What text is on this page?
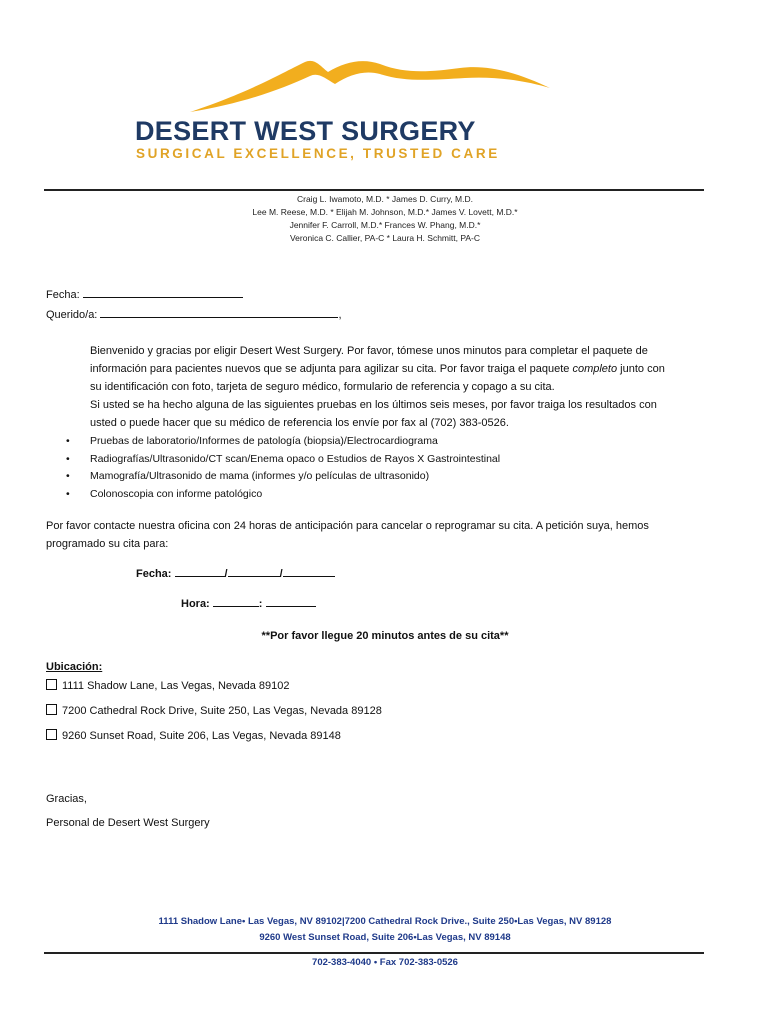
DESERT WEST SURGERY
SURGICAL EXCELLENCE, TRUSTED CARE
Craig L. Iwamoto, M.D. * James D. Curry, M.D.
Lee M. Reese, M.D. * Elijah M. Johnson, M.D.* James V. Lovett, M.D.*
Jennifer F. Carroll, M.D.* Frances W. Phang, M.D.*
Veronica C. Callier, PA-C * Laura H. Schmitt, PA-C
Fecha:
Querido/a:	,
Bienvenido y gracias por eligir Desert West Surgery. Por favor, tómese unos minutos para completar el paquete de información para pacientes nuevos que se adjunta para agilizar su cita. Por favor traiga el paquete completo junto con su identificación con foto, tarjeta de seguro médico, formulario de referencia y copago a su cita.
Si usted se ha hecho alguna de las siguientes pruebas en los últimos seis meses, por favor traiga los resultados con usted o puede hacer que su médico de referencia los envíe por fax al (702) 383-0526.
• Pruebas de laboratorio/Informes de patología (biopsia)/Electrocardiograma
• Radiografías/Ultrasonido/CT scan/Enema opaco o Estudios de Rayos X Gastrointestinal
• Mamografía/Ultrasonido de mama (informes y/o películas de ultrasonido)
• Colonoscopia con informe patológico
Por favor contacte nuestra oficina con 24 horas de anticipación para cancelar o reprogramar su cita. A petición suya, hemos programado su cita para:
Fecha:	/	/
Hora:	:
**Por favor llegue 20 minutos antes de su cita**
Ubicación:
1111 Shadow Lane, Las Vegas, Nevada 89102
7200 Cathedral Rock Drive, Suite 250, Las Vegas, Nevada 89128
9260 Sunset Road, Suite 206, Las Vegas, Nevada 89148
Gracias,
Personal de Desert West Surgery
1111 Shadow Lane• Las Vegas, NV 89102|7200 Cathedral Rock Drive., Suite 250•Las Vegas, NV 89128
9260 West Sunset Road, Suite 206•Las Vegas, NV 89148
702-383-4040 • Fax 702-383-0526
